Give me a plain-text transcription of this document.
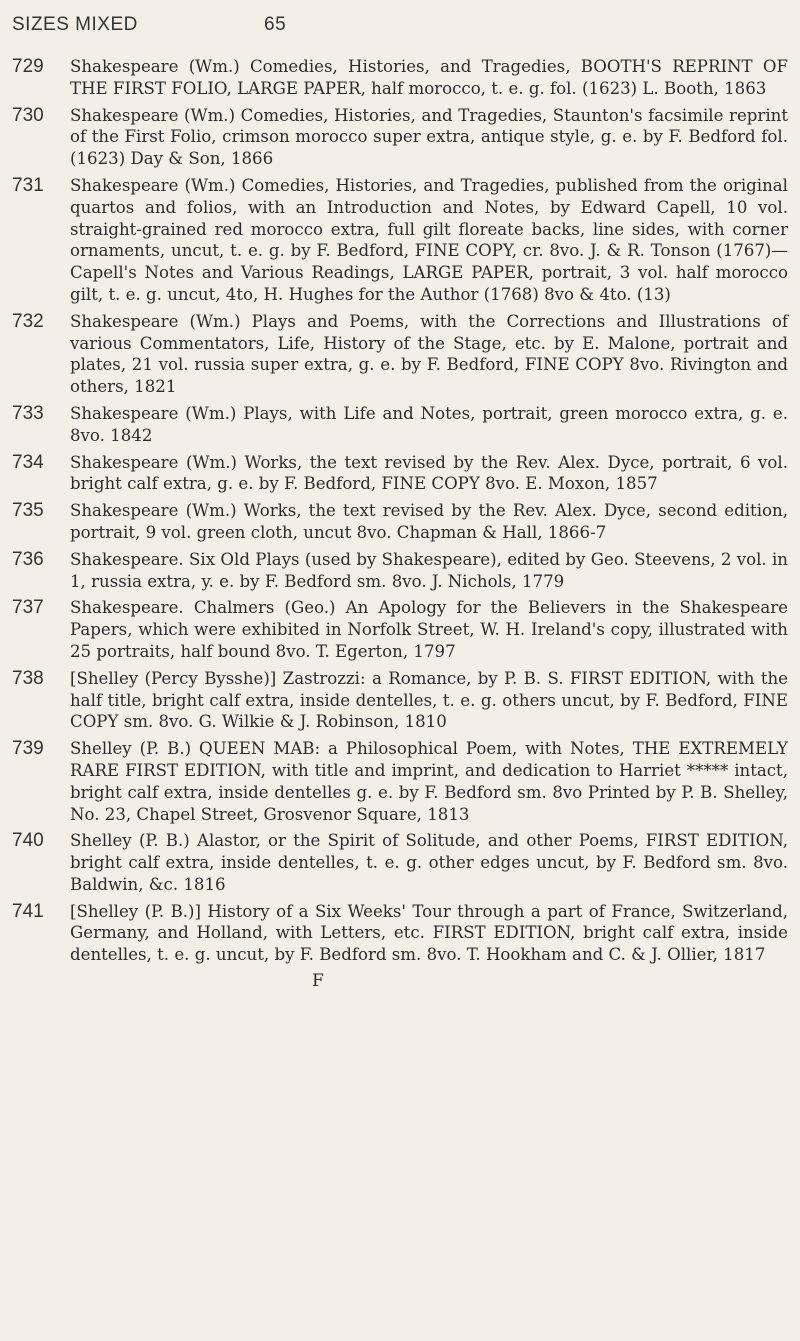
SIZES MIXED	65
729 Shakespeare (Wm.) Comedies, Histories, and Tragedies, BOOTH'S REPRINT OF THE FIRST FOLIO, LARGE PAPER, half morocco, t. e. g. fol. (1623) L. Booth, 1863
730 Shakespeare (Wm.) Comedies, Histories, and Tragedies, Staunton's facsimile reprint of the First Folio, crimson morocco super extra, antique style, g. e. by F. Bedford fol. (1623) Day & Son, 1866
731 Shakespeare (Wm.) Comedies, Histories, and Tragedies, published from the original quartos and folios, with an Introduction and Notes, by Edward Capell, 10 vol. straight-grained red morocco extra, full gilt floreate backs, line sides, with corner ornaments, uncut, t. e. g. by F. Bedford, FINE COPY, cr. 8vo. J. & R. Tonson (1767)—Capell's Notes and Various Readings, LARGE PAPER, portrait, 3 vol. half morocco gilt, t. e. g. uncut, 4to, H. Hughes for the Author (1768) 8vo & 4to. (13)
732 Shakespeare (Wm.) Plays and Poems, with the Corrections and Illustrations of various Commentators, Life, History of the Stage, etc. by E. Malone, portrait and plates, 21 vol. russia super extra, g. e. by F. Bedford, FINE COPY 8vo. Rivington and others, 1821
733 Shakespeare (Wm.) Plays, with Life and Notes, portrait, green morocco extra, g. e. 8vo. 1842
734 Shakespeare (Wm.) Works, the text revised by the Rev. Alex. Dyce, portrait, 6 vol. bright calf extra, g. e. by F. Bedford, FINE COPY 8vo. E. Moxon, 1857
735 Shakespeare (Wm.) Works, the text revised by the Rev. Alex. Dyce, second edition, portrait, 9 vol. green cloth, uncut 8vo. Chapman & Hall, 1866-7
736 Shakespeare. Six Old Plays (used by Shakespeare), edited by Geo. Steevens, 2 vol. in 1, russia extra, y. e. by F. Bedford sm. 8vo. J. Nichols, 1779
737 Shakespeare. Chalmers (Geo.) An Apology for the Believers in the Shakespeare Papers, which were exhibited in Norfolk Street, W. H. Ireland's copy, illustrated with 25 portraits, half bound 8vo. T. Egerton, 1797
738 [Shelley (Percy Bysshe)] Zastrozzi: a Romance, by P. B. S. FIRST EDITION, with the half title, bright calf extra, inside dentelles, t. e. g. others uncut, by F. Bedford, FINE COPY sm. 8vo. G. Wilkie & J. Robinson, 1810
739 Shelley (P. B.) QUEEN MAB: a Philosophical Poem, with Notes, THE EXTREMELY RARE FIRST EDITION, with title and imprint, and dedication to Harriet ***** intact, bright calf extra, inside dentelles g. e. by F. Bedford sm. 8vo Printed by P. B. Shelley, No. 23, Chapel Street, Grosvenor Square, 1813
740 Shelley (P. B.) Alastor, or the Spirit of Solitude, and other Poems, FIRST EDITION, bright calf extra, inside dentelles, t. e. g. other edges uncut, by F. Bedford sm. 8vo. Baldwin, &c. 1816
741 [Shelley (P. B.)] History of a Six Weeks' Tour through a part of France, Switzerland, Germany, and Holland, with Letters, etc. FIRST EDITION, bright calf extra, inside dentelles, t. e. g. uncut, by F. Bedford sm. 8vo. T. Hookham and C. & J. Ollier, 1817
F
